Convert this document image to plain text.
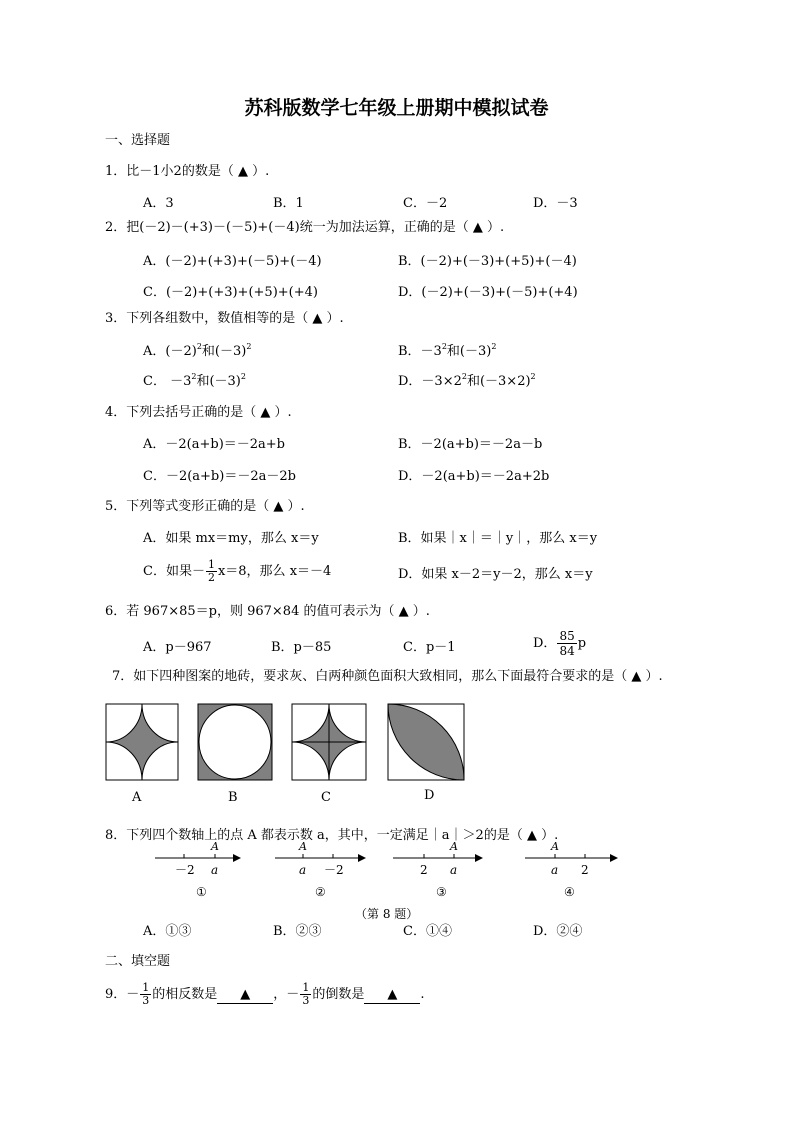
苏科版数学七年级上册期中模拟试卷
一、选择题
1．比－1小2的数是（ ▲ ）.
A．3	B．1	C．－2	D．－3
2．把(－2)－(+3)－(－5)+(－4)统一为加法运算，正确的是（ ▲ ）.
A．(－2)+(+3)+(－5)+(－4)	B．(－2)+(－3)+(+5)+(－4)
C．(－2)+(+3)+(+5)+(+4)	D．(－2)+(－3)+(－5)+(+4)
3．下列各组数中，数值相等的是（ ▲ ）.
A．$(-2)^2$和$(-3)^2$	B．$-3^2$和$(-3)^2$
C． $-3^2$和$(-3)^2$	D．$-3\times 2^2$和$(-3\times 2)^2$
4．下列去括号正确的是（ ▲ ）.
A．－2(a+b)＝－2a+b	B．－2(a+b)＝－2a－b
C．－2(a+b)＝－2a－2b	D．－2(a+b)＝－2a+2b
5．下列等式变形正确的是（ ▲ ）.
A．如果 mx＝my，那么 x＝y	B．如果｜x｜＝｜y｜，那么 x＝y
C．如果－ $\frac{1}{2} x=8$，那么 x＝－4	D．如果 x－2＝y－2，那么 x＝y
6．若 967×85＝p，则 967×84 的值可表示为（ ▲ ）.
A．p－967	B．p－85	C．p－1	D． $\frac{85}{84}$ p
7．如下四种图案的地砖，要求灰、白两种颜色面积大致相同，那么下面最符合要求的是（ ▲ ）.
A	B	C	D
8．下列四个数轴上的点 A 都表示数 a，其中，一定满足｜a｜＞2的是（ ▲ ）.
－2 a
A
①
a －2
A
②
2 a
A
③
a 2
A
④
（第 8 题）
A．①③	B．②③	C．①④	D．②④
二、填空题
9．－ $\frac{1}{3}$ 的相反数是 ▲ ，－ $\frac{1}{3}$ 的倒数是 ▲ .
